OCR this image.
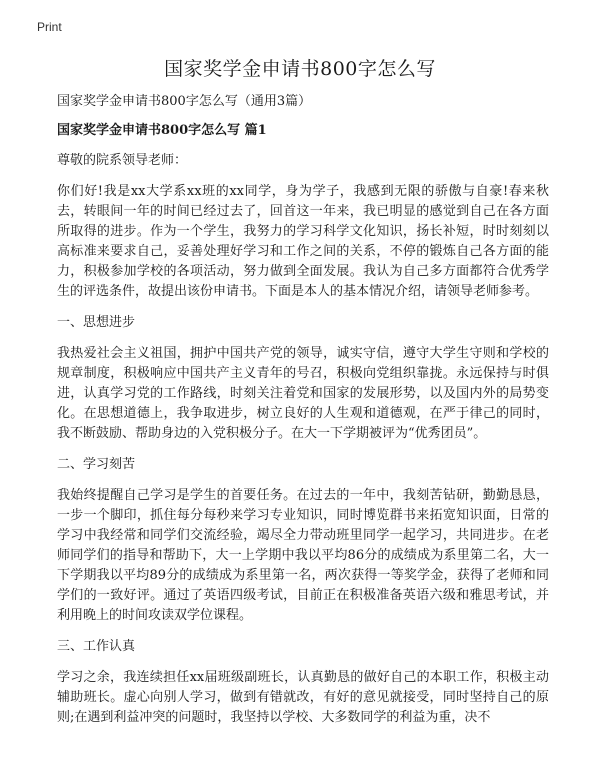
Print
国家奖学金申请书800字怎么写

国家奖学金申请书800字怎么写（通用3篇）

国家奖学金申请书800字怎么写 篇1

尊敬的院系领导老师：

你们好!我是xx大学系xx班的xx同学，身为学子，我感到无限的骄傲与自豪!春来秋去，转眼间一年的时间已经过去了，回首这一年来，我已明显的感觉到自己在各方面所取得的进步。作为一个学生，我努力的学习科学文化知识，扬长补短，时时刻刻以高标准来要求自己，妥善处理好学习和工作之间的关系，不停的锻炼自己各方面的能力，积极参加学校的各项活动，努力做到全面发展。我认为自己多方面都符合优秀学生的评选条件，故提出该份申请书。下面是本人的基本情况介绍，请领导老师参考。

一、思想进步

我热爱社会主义祖国，拥护中国共产党的领导，诚实守信，遵守大学生守则和学校的规章制度，积极响应中国共产主义青年的号召，积极向党组织靠拢。永远保持与时俱进，认真学习党的工作路线，时刻关注着党和国家的发展形势，以及国内外的局势变化。在思想道德上，我争取进步，树立良好的人生观和道德观，在严于律己的同时，我不断鼓励、帮助身边的入党积极分子。在大一下学期被评为“优秀团员”。

二、学习刻苦

我始终提醒自己学习是学生的首要任务。在过去的一年中，我刻苦钻研，勤勤恳恳，一步一个脚印，抓住每分每秒来学习专业知识，同时博览群书来拓宽知识面，日常的学习中我经常和同学们交流经验，竭尽全力带动班里同学一起学习，共同进步。在老师同学们的指导和帮助下，大一上学期中我以平均86分的成绩成为系里第二名，大一下学期我以平均89分的成绩成为系里第一名，两次获得一等奖学金，获得了老师和同学们的一致好评。通过了英语四级考试，目前正在积极准备英语六级和雅思考试，并利用晚上的时间攻读双学位课程。

三、工作认真

学习之余，我连续担任xx届班级副班长，认真勤恳的做好自己的本职工作，积极主动辅助班长。虚心向别人学习，做到有错就改，有好的意见就接受，同时坚持自己的原则;在遇到利益冲突的问题时，我坚持以学校、大多数同学的利益为重，决不
